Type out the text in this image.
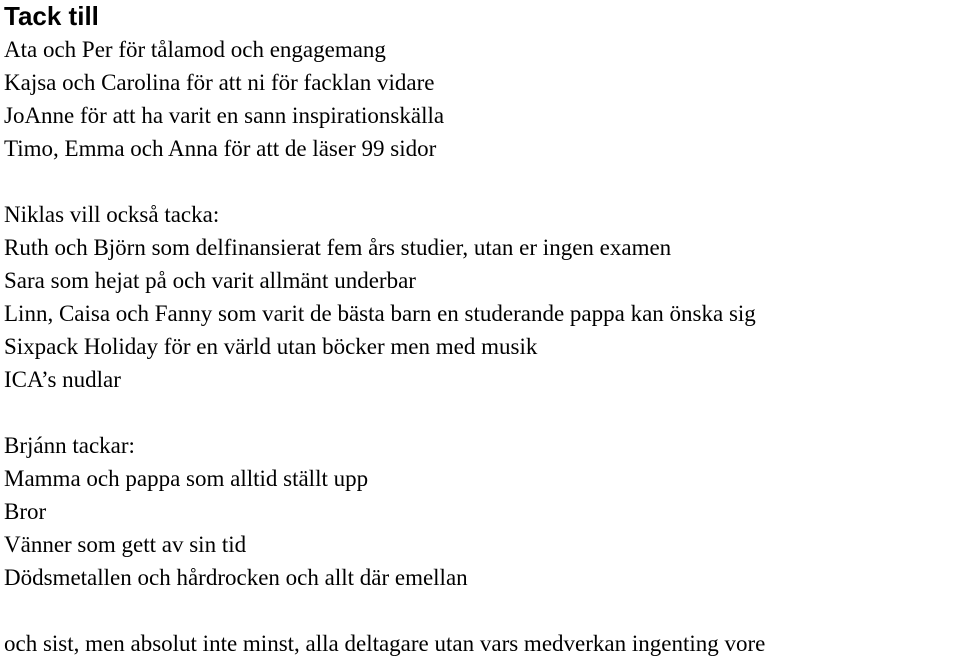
Tack till
Ata och Per för tålamod och engagemang
Kajsa och Carolina för att ni för facklan vidare
JoAnne för att ha varit en sann inspirationskälla
Timo, Emma och Anna för att de läser 99 sidor
Niklas vill också tacka:
Ruth och Björn som delfinansierat fem års studier, utan er ingen examen
Sara som hejat på och varit allmänt underbar
Linn, Caisa och Fanny som varit de bästa barn en studerande pappa kan önska sig
Sixpack Holiday för en värld utan böcker men med musik
ICA’s nudlar
Brjánn tackar:
Mamma och pappa som alltid ställt upp
Bror
Vänner som gett av sin tid
Dödsmetallen och hårdrocken och allt där emellan
och sist, men absolut inte minst, alla deltagare utan vars medverkan ingenting vore
